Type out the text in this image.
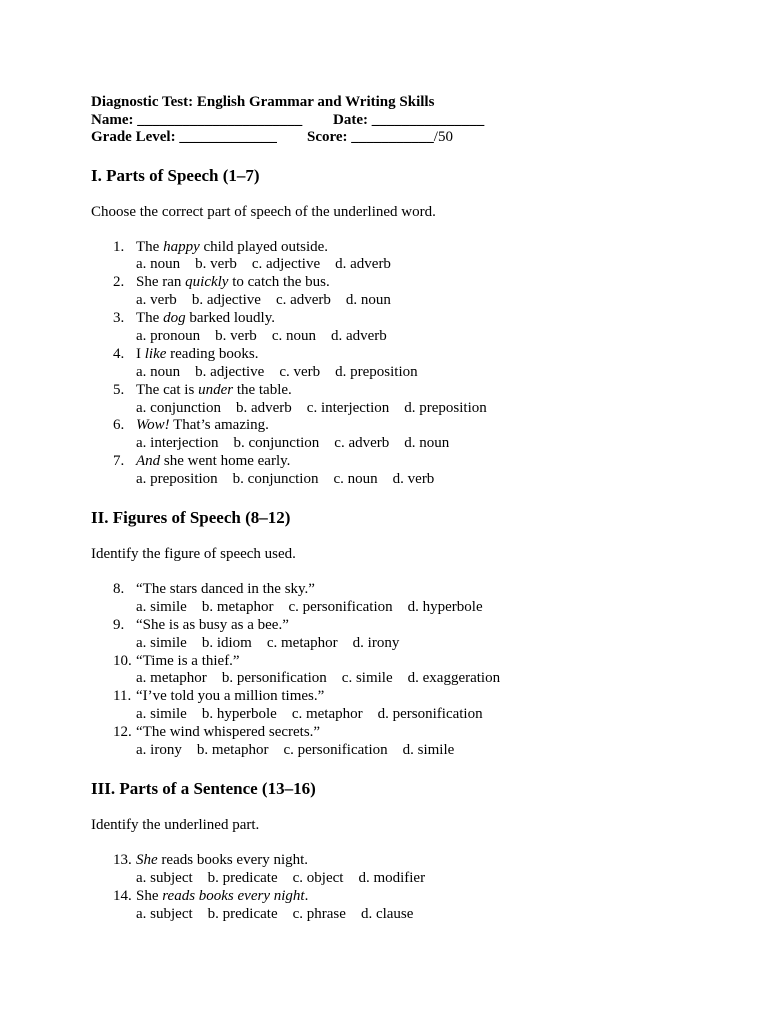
Diagnostic Test: English Grammar and Writing Skills
Name: ______________________ Date: _______________
Grade Level: _____________ Score: ___________/50
I. Parts of Speech (1–7)

Choose the correct part of speech of the underlined word.

1. The happy child played outside.
a. noun b. verb c. adjective d. adverb
2. She ran quickly to catch the bus.
a. verb b. adjective c. adverb d. noun
3. The dog barked loudly.
a. pronoun b. verb c. noun d. adverb
4. I like reading books.
a. noun b. adjective c. verb d. preposition
5. The cat is under the table.
a. conjunction b. adverb c. interjection d. preposition
6. Wow! That’s amazing.
a. interjection b. conjunction c. adverb d. noun
7. And she went home early.
a. preposition b. conjunction c. noun d. verb
II. Figures of Speech (8–12)

Identify the figure of speech used.

8. “The stars danced in the sky.”
a. simile b. metaphor c. personification d. hyperbole
9. “She is as busy as a bee.”
a. simile b. idiom c. metaphor d. irony
10. “Time is a thief.”
a. metaphor b. personification c. simile d. exaggeration
11. “I’ve told you a million times.”
a. simile b. hyperbole c. metaphor d. personification
12. “The wind whispered secrets.”
a. irony b. metaphor c. personification d. simile
III. Parts of a Sentence (13–16)

Identify the underlined part.

13. She reads books every night.
a. subject b. predicate c. object d. modifier
14. She reads books every night.
a. subject b. predicate c. phrase d. clause
